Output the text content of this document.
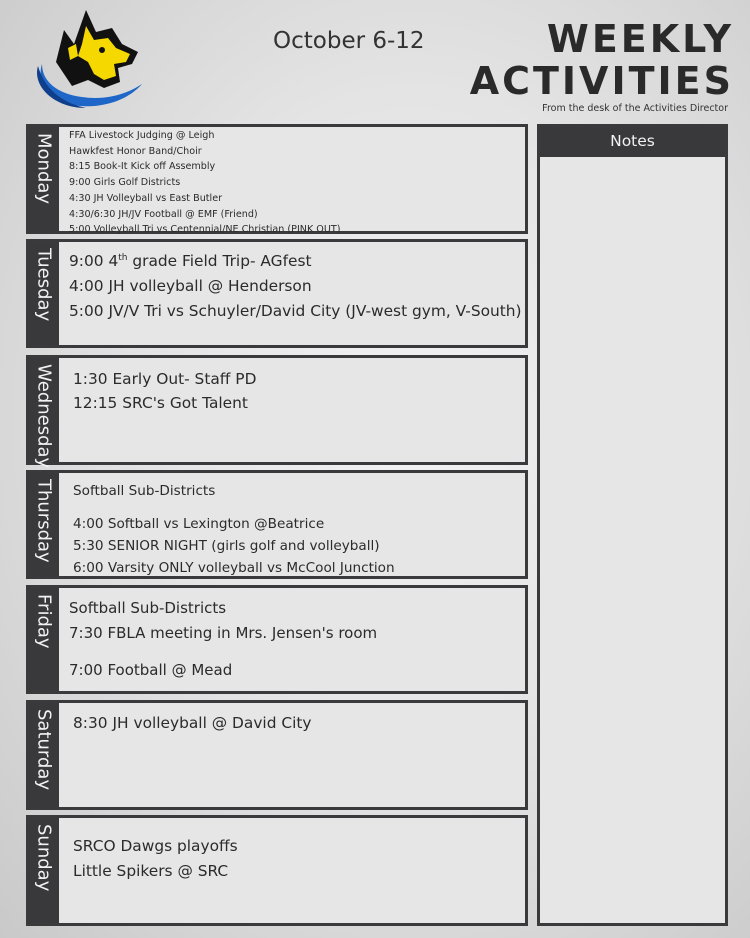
October 6-12	WEEKLY
ACTIVITIES
From the desk of the Activities Director
Monday FFA Livestock Judging @ Leigh
Hawkfest Honor Band/Choir
8:15 Book-It Kick off Assembly
9:00 Girls Golf Districts
4:30 JH Volleyball vs East Butler
4:30/6:30 JH/JV Football @ EMF (Friend)
5:00 Volleyball Tri vs Centennial/NE Christian (PINK OUT)
Tuesday 9:00 4th grade Field Trip- AGfest
4:00 JH volleyball @ Henderson
5:00 JV/V Tri vs Schuyler/David City (JV-west gym, V-South)
Wednesday 1:30 Early Out- Staff PD
12:15 SRC's Got Talent
Thursday Softball Sub-Districts
4:00 Softball vs Lexington @Beatrice
5:30 SENIOR NIGHT (girls golf and volleyball)
6:00 Varsity ONLY volleyball vs McCool Junction
Friday Softball Sub-Districts
7:30 FBLA meeting in Mrs. Jensen's room
7:00 Football @ Mead
Saturday 8:30 JH volleyball @ David City
Sunday SRCO Dawgs playoffs
Little Spikers @ SRC
Notes
